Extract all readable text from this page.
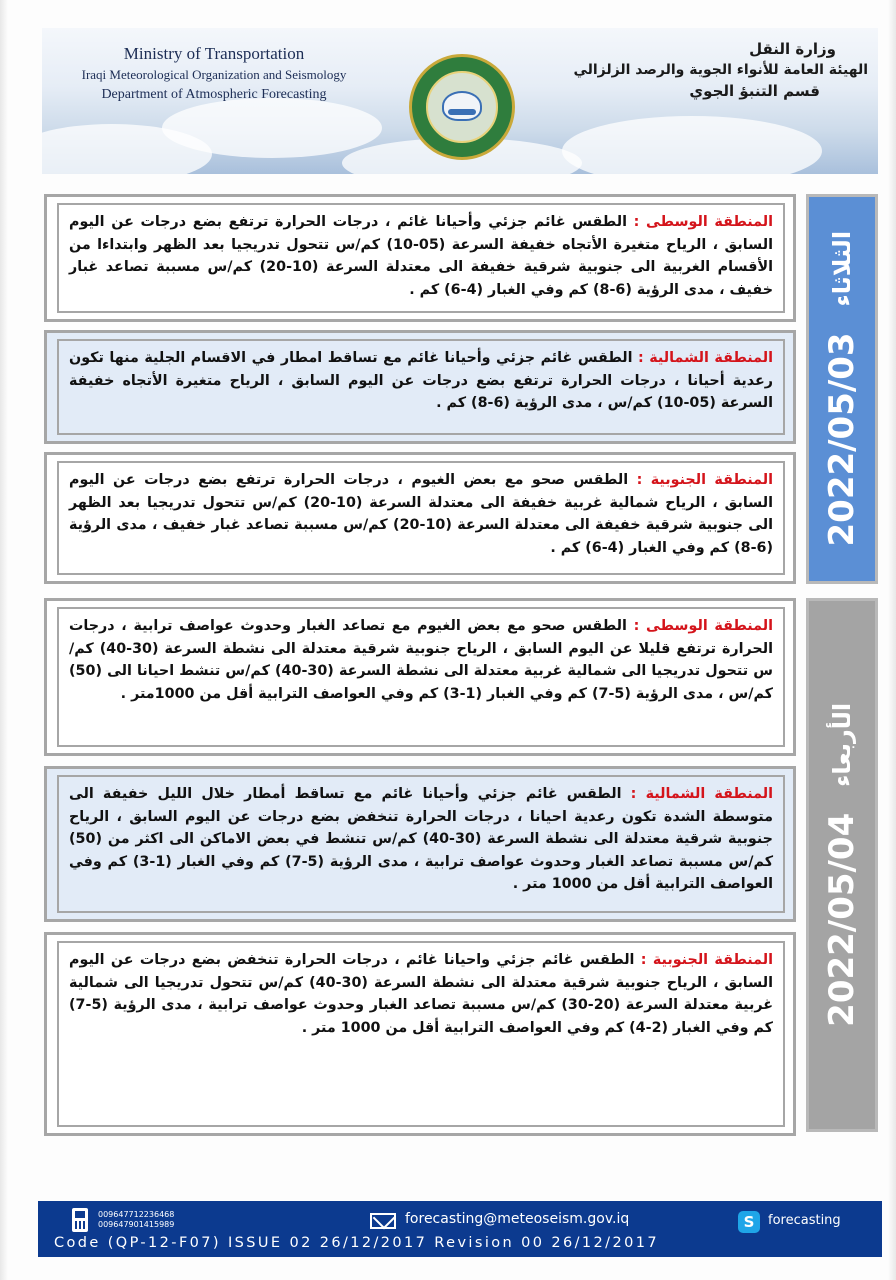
Ministry of Transportation
Iraqi Meteorological Organization and Seismology
Department of Atmospheric Forecasting
وزارة النقل
الهيئة العامة للأنواء الجوية والرصد الزلزالي
قسم التنبؤ الجوي
2022/05/03 الثلاثاء
2022/05/04 الأربعاء

المنطقة الوسطى : الطقس غائم جزئي وأحيانا غائم ، درجات الحرارة ترتفع بضع درجات عن اليوم السابق ، الرياح متغيرة الأتجاه خفيفة السرعة (05-10) كم/س تتحول تدريجيا بعد الظهر وابتداءا من الأقسام الغربية الى جنوبية شرقية خفيفة الى معتدلة السرعة (10-20) كم/س مسببة تصاعد غبار خفيف ، مدى الرؤية (6-8) كم وفي الغبار (4-6) كم .

المنطقة الشمالية : الطقس غائم جزئي وأحيانا غائم مع تساقط امطار في الاقسام الجلية منها تكون رعدية أحيانا ، درجات الحرارة ترتفع بضع درجات عن اليوم السابق ، الرياح متغيرة الأتجاه خفيفة السرعة (05-10) كم/س ، مدى الرؤية (6-8) كم .

المنطقة الجنوبية : الطقس صحو مع بعض الغيوم ، درجات الحرارة ترتفع بضع درجات عن اليوم السابق ، الرياح شمالية غربية خفيفة الى معتدلة السرعة (10-20) كم/س تتحول تدريجيا بعد الظهر الى جنوبية شرقية خفيفة الى معتدلة السرعة (10-20) كم/س مسببة تصاعد غبار خفيف ، مدى الرؤية (6-8) كم وفي الغبار (4-6) كم .

المنطقة الوسطى : الطقس صحو مع بعض الغيوم مع تصاعد الغبار وحدوث عواصف ترابية ، درجات الحرارة ترتفع قليلا عن اليوم السابق ، الرياح جنوبية شرقية معتدلة الى نشطة السرعة (30-40) كم/س تتحول تدريجيا الى شمالية غربية معتدلة الى نشطة السرعة (30-40) كم/س تنشط احيانا الى (50) كم/س ، مدى الرؤية (5-7) كم وفي الغبار (1-3) كم وفي العواصف الترابية أقل من 1000متر .

المنطقة الشمالية : الطقس غائم جزئي وأحيانا غائم مع تساقط أمطار خلال الليل خفيفة الى متوسطة الشدة تكون رعدية احيانا ، درجات الحرارة تنخفض بضع درجات عن اليوم السابق ، الرياح جنوبية شرقية معتدلة الى نشطة السرعة (30-40) كم/س تنشط في بعض الاماكن الى اكثر من (50) كم/س مسببة تصاعد الغبار وحدوث عواصف ترابية ، مدى الرؤية (5-7) كم وفي الغبار (1-3) كم وفي العواصف الترابية أقل من 1000 متر .

المنطقة الجنوبية : الطقس غائم جزئي واحيانا غائم ، درجات الحرارة تنخفض بضع درجات عن اليوم السابق ، الرياح جنوبية شرقية معتدلة الى نشطة السرعة (30-40) كم/س تتحول تدريجيا الى شمالية غربية معتدلة السرعة (20-30) كم/س مسببة تصاعد الغبار وحدوث عواصف ترابية ، مدى الرؤية (5-7) كم وفي الغبار (2-4) كم وفي العواصف الترابية أقل من 1000 متر .

009647712236468
009647901415989	forecasting@meteoseism.gov.iq	S	forecasting
Code (QP-12-F07) ISSUE 02 26/12/2017 Revision 00 26/12/2017
